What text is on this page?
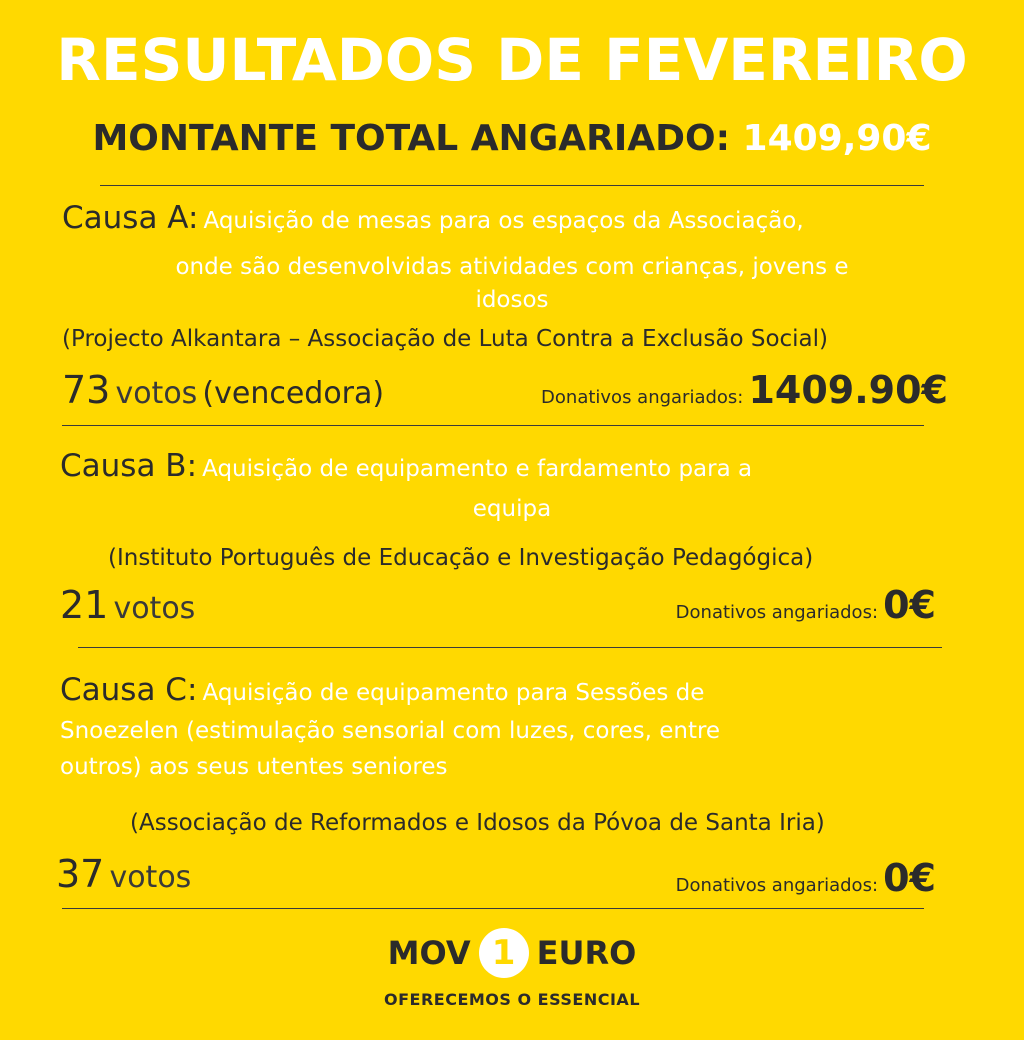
RESULTADOS DE FEVEREIRO
MONTANTE TOTAL ANGARIADO: 1409,90€
Causa A: Aquisição de mesas para os espaços da Associação,
onde são desenvolvidas atividades com crianças, jovens e
idosos
(Projecto Alkantara – Associação de Luta Contra a Exclusão Social)
73 votos (vencedora)	Donativos angariados: 1409.90€
Causa B: Aquisição de equipamento e fardamento para a
equipa
(Instituto Português de Educação e Investigação Pedagógica)
21 votos	Donativos angariados: 0€
Causa C: Aquisição de equipamento para Sessões de
Snoezelen (estimulação sensorial com luzes, cores, entre
outros) aos seus utentes seniores
(Associação de Reformados e Idosos da Póvoa de Santa Iria)
37 votos	Donativos angariados: 0€
MOV 1 EURO
OFERECEMOS O ESSENCIAL
